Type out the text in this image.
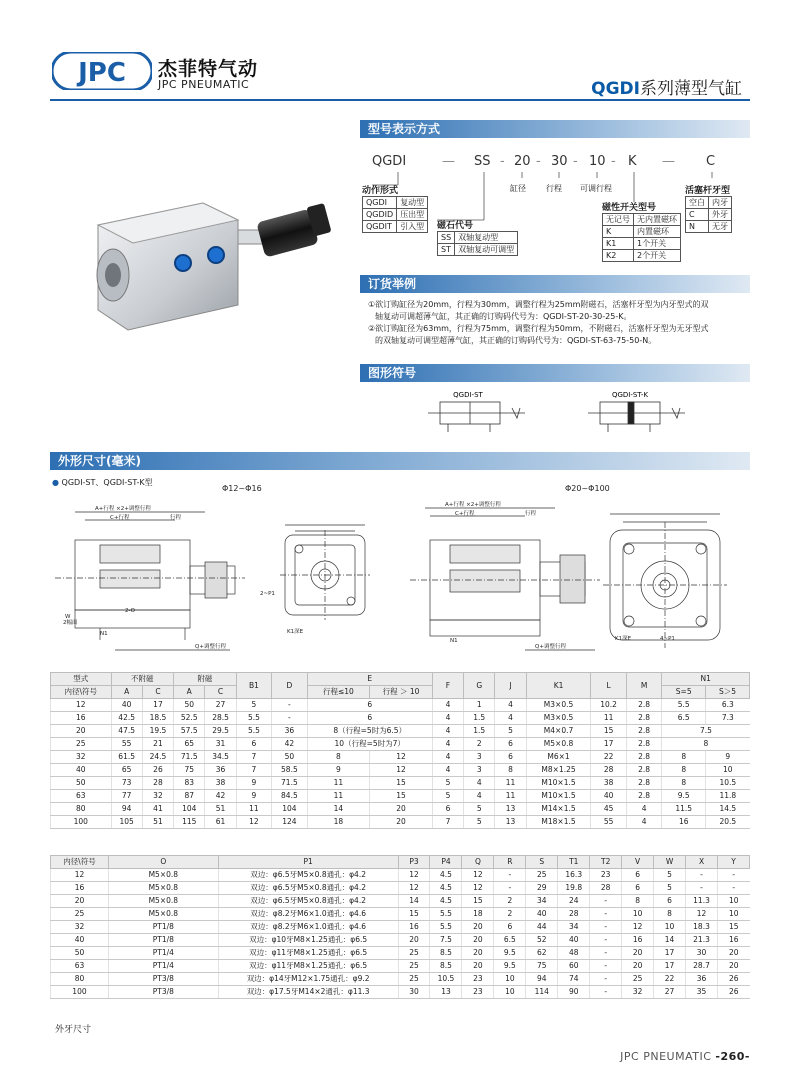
JPC 杰菲特气动
JPC PNEUMATIC	QGDI系列薄型气缸
型号表示方式
QGDI	— SS - 20 - 30 - 10 - K — C
缸径	行程 可调行程
动作形式
QGDI	复动型
QGDID	压出型
QGDIT	引入型 磁石代号
SS	双轴复动型
ST	双轴复动可调型
磁性开关型号
无记号	无内置磁环
K	内置磁环
K1	1个开关
K2	2个开关
活塞杆牙型
空白	内牙
C	外牙
N	无牙
订货举例

①欲订购缸径为20mm，行程为30mm，调整行程为25mm附磁石，活塞杆牙型为内牙型式的双

轴复动可调超薄气缸，其正确的订购码代号为：QGDI-ST-20-30-25-K。

②欲订购缸径为63mm，行程为75mm，调整行程为50mm，不附磁石，活塞杆牙型为无牙型式

的双轴复动可调型超薄气缸，其正确的订购码代号为：QGDI-ST-63-75-50-N。

图形符号
QGDI-ST	QGDI-ST-K
外形尺寸(毫米)
● QGDI-ST、QGDI-ST-K型
Φ12~Φ16	Φ20~Φ100
A+行程 ×2+调整行程
C+行程	行程
Q+调整行程
W
2幅面
N1
2-O
2~P1
K1深E
A+行程 ×2+调整行程
C+行程	行程
Q+调整行程
N1	K1深E	4~P1
型式	不附磁		附磁		B1	D	E		F	G	J	K1	L	M	N1	
内径\符号	A	C	A	C			行程≤10	行程 ＞ 10							S=5	S＞5
12	40	17	50	27	5	-	6		4	1	4	M3×0.5	10.2	2.8	5.5	6.3
16	42.5	18.5	52.5	28.5	5.5	-	6		4	1.5	4	M3×0.5	11	2.8	6.5	7.3
20	47.5	19.5	57.5	29.5	5.5	36	8（行程=5时为6.5）		4	1.5	5	M4×0.7	15	2.8	7.5	
25	55	21	65	31	6	42	10（行程=5时为7）		4	2	6	M5×0.8	17	2.8	8	
32	61.5	24.5	71.5	34.5	7	50	8	12	4	3	6	M6×1	22	2.8	8	9
40	65	26	75	36	7	58.5	9	12	4	3	8	M8×1.25	28	2.8	8	10
50	73	28	83	38	9	71.5	11	15	5	4	11	M10×1.5	38	2.8	8	10.5
63	77	32	87	42	9	84.5	11	15	5	4	11	M10×1.5	40	2.8	9.5	11.8
80	94	41	104	51	11	104	14	20	6	5	13	M14×1.5	45	4	11.5	14.5
100	105	51	115	61	12	124	18	20	7	5	13	M18×1.5	55	4	16	20.5
内径\符号	O	P1	P3	P4	Q	R	S	T1	T2	V	W	X	Y
12	M5×0.8	双边：φ6.5牙M5×0.8通孔：φ4.2	12	4.5	12	-	25	16.3	23	6	5	-	-
16	M5×0.8	双边：φ6.5牙M5×0.8通孔：φ4.2	12	4.5	12	-	29	19.8	28	6	5	-	-
20	M5×0.8	双边：φ6.5牙M5×0.8通孔：φ4.2	14	4.5	15	2	34	24	-	8	6	11.3	10
25	M5×0.8	双边：φ8.2牙M6×1.0通孔：φ4.6	15	5.5	18	2	40	28	-	10	8	12	10
32	PT1/8	双边：φ8.2牙M6×1.0通孔：φ4.6	16	5.5	20	6	44	34	-	12	10	18.3	15
40	PT1/8	双边：φ10牙M8×1.25通孔：φ6.5	20	7.5	20	6.5	52	40	-	16	14	21.3	16
50	PT1/4	双边：φ11牙M8×1.25通孔：φ6.5	25	8.5	20	9.5	62	48	-	20	17	30	20
63	PT1/4	双边：φ11牙M8×1.25通孔：φ6.5	25	8.5	20	9.5	75	60	-	20	17	28.7	20
80	PT3/8	双边：φ14牙M12×1.75通孔：φ9.2	25	10.5	23	10	94	74	-	25	22	36	26
100	PT3/8	双边：φ17.5牙M14×2通孔：φ11.3	30	13	23	10	114	90	-	32	27	35	26
外牙尺寸
JPC PNEUMATIC -260-
